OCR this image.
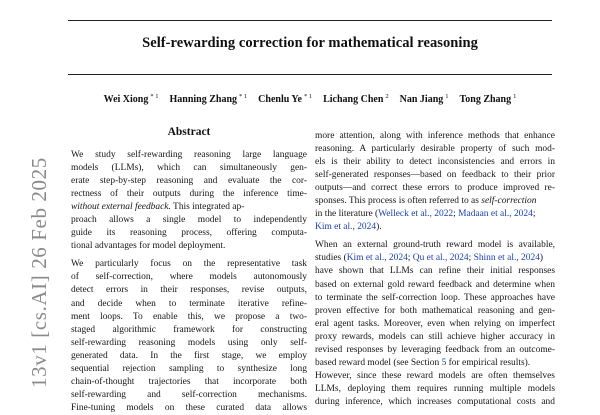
Self-rewarding correction for mathematical reasoning
Wei Xiong $^{* 1}$ Hanning Zhang $^{* 1}$ Chenlu Ye $^{* 1}$ Lichang Chen $^2$ Nan Jiang $^1$ Tong Zhang $^1$
13v1 [cs.AI] 26 Feb 2025
Abstract
We study self-rewarding reasoning large language
models (LLMs), which can simultaneously gen-
erate step-by-step reasoning and evaluate the cor-
rectness of their outputs during the inference time-
without external feedback. This integrated ap-
proach allows a single model to independently
guide its reasoning process, offering computa-
tional advantages for model deployment.
We particularly focus on the representative task
of self-correction, where models autonomously
detect errors in their responses, revise outputs,
and decide when to terminate iterative refine-
ment loops. To enable this, we propose a two-
staged algorithmic framework for constructing
self-rewarding reasoning models using only self-
generated data. In the first stage, we employ
sequential rejection sampling to synthesize long
chain-of-thought trajectories that incorporate both
self-rewarding and self-correction mechanisms.
Fine-tuning models on these curated data allows
more attention, along with inference methods that enhance
reasoning. A particularly desirable property of such mod-
els is their ability to detect inconsistencies and errors in
self-generated responses—based on feedback to their prior
outputs—and correct these errors to produce improved re-
sponses. This process is often referred to as self-correction
in the literature (Welleck et al., 2022; Madaan et al., 2024;
Kim et al., 2024).
When an external ground-truth reward model is available,
studies (Kim et al., 2024; Qu et al., 2024; Shinn et al., 2024)
have shown that LLMs can refine their initial responses
based on external gold reward feedback and determine when
to terminate the self-correction loop. These approaches have
proven effective for both mathematical reasoning and gen-
eral agent tasks. Moreover, even when relying on imperfect
proxy rewards, models can still achieve higher accuracy in
revised responses by leveraging feedback from an outcome-
based reward model (see Section 5 for empirical results).
However, since these reward models are often themselves
LLMs, deploying them requires running multiple models
during inference, which increases computational costs and
